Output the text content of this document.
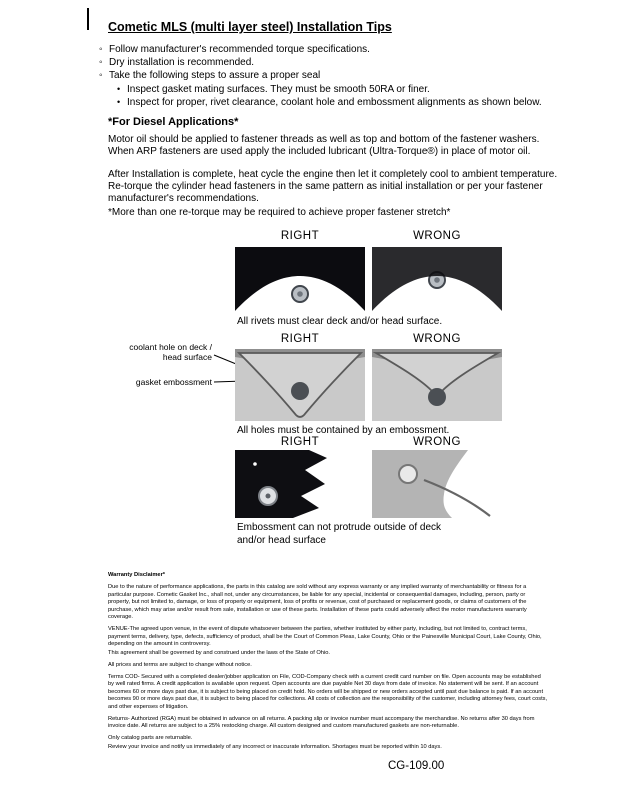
Cometic MLS (multi layer steel) Installation Tips
◦
Follow manufacturer's recommended torque specifications.
◦
Dry installation is recommended.
◦
Take the following steps to assure a proper seal
•
Inspect gasket mating surfaces. They must be smooth 50RA or finer.
•
Inspect for proper, rivet clearance, coolant hole and embossment alignments as shown below.
*For Diesel Applications*

Motor oil should be applied to fastener threads as well as top and bottom of the fastener washers. When ARP fasteners are used apply the included lubricant (Ultra-Torque®) in place of motor oil.

After Installation is complete, heat cycle the engine then let it completely cool to ambient temperature. Re-torque the cylinder head fasteners in the same pattern as initial installation or per your fastener manufacturer's recommendations.

*More than one re-torque may be required to achieve proper fastener stretch*

RIGHT	WRONG
All rivets must clear deck and/or head surface.
RIGHT	WRONG
coolant hole on deck / head surface
gasket embossment
All holes must be contained by an embossment.
RIGHT	WRONG
Embossment can not protrude outside of deck
and/or head surface

Warranty Disclaimer*

Due to the nature of performance applications, the parts in this catalog are sold without any express warranty or any implied warranty of merchantability or fitness for a particular purpose. Cometic Gasket Inc., shall not, under any circumstances, be liable for any special, incidental or consequential damages, including, person, party or property, but not limited to, damage, or loss of property or equipment, loss of profits or revenue, cost of purchased or replacement goods, or claims of customers of the purchase, which may arise and/or result from sale, installation or use of these parts. Installation of these parts could adversely affect the motor manufacturers warranty coverage.

VENUE-The agreed upon venue, in the event of dispute whatsoever between the parties, whether instituted by either party, including, but not limited to, contract terms, payment terms, delivery, type, defects, sufficiency of product, shall be the Court of Common Pleas, Lake County, Ohio or the Painesville Municipal Court, Lake County, Ohio, depending on the amount in controversy.

This agreement shall be governed by and construed under the laws of the State of Ohio.

All prices and terms are subject to change without notice.

Terms COD- Secured with a completed dealer/jobber application on File, COD-Company check with a current credit card number on file. Open accounts may be established by well rated firms. A credit application is available upon request. Open accounts are due payable Net 30 days from date of invoice. No statement will be sent. If an account becomes 60 or more days past due, it is subject to being placed on credit hold. No orders will be shipped or new orders accepted until past due balance is paid. If an account becomes 90 or more days past due, it is subject to being placed for collections. All costs of collection are the responsibility of the customer, including attorney fees, court costs, and other expenses of litigation.

Returns- Authorized (RGA) must be obtained in advance on all returns. A packing slip or invoice number must accompany the merchandise. No returns after 30 days from invoice date. All returns are subject to a 25% restocking charge. All custom designed and custom manufactured gaskets are non-returnable.

Only catalog parts are returnable.

Review your invoice and notify us immediately of any incorrect or inaccurate information. Shortages must be reported within 10 days.

CG-109.00
